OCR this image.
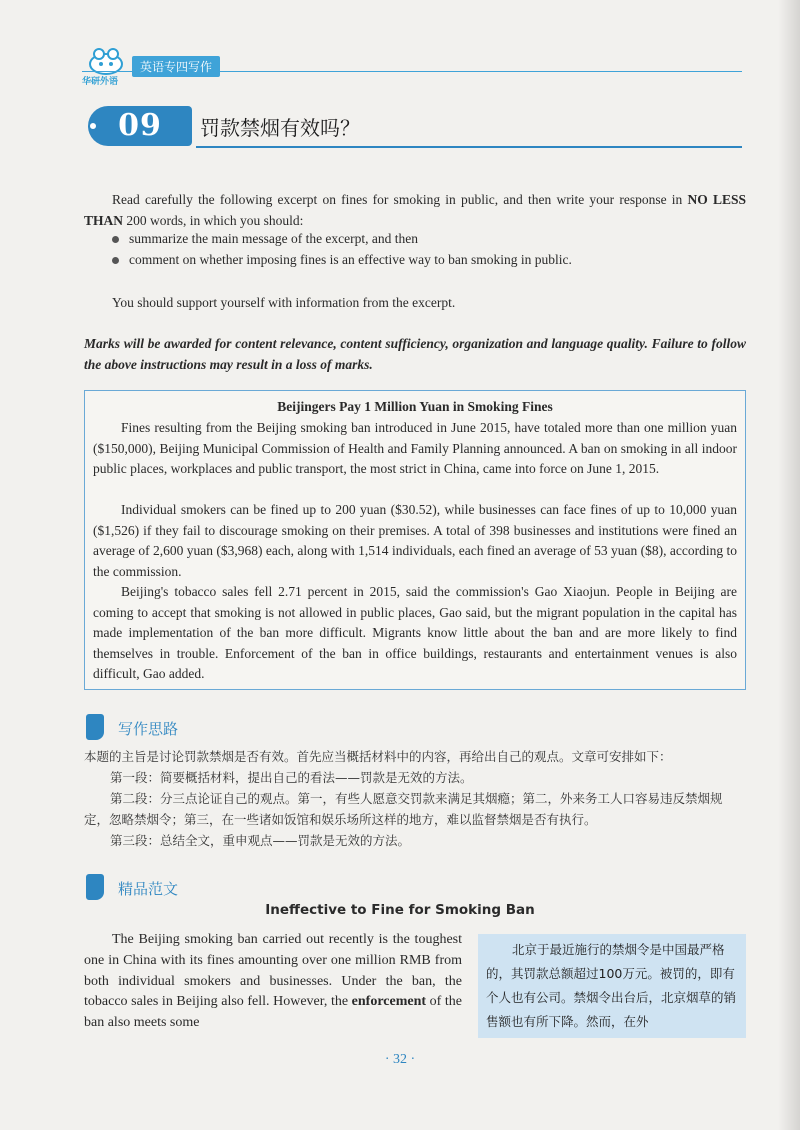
华研外语
英语专四写作
09	罚款禁烟有效吗？

Read carefully the following excerpt on fines for smoking in public, and then write your response in NO LESS THAN 200 words, in which you should:

summarize the main message of the excerpt, and then
comment on whether imposing fines is an effective way to ban smoking in public.
You should support yourself with information from the excerpt.
Marks will be awarded for content relevance, content sufficiency, organization and language quality. Failure to follow the above instructions may result in a loss of marks.
Beijingers Pay 1 Million Yuan in Smoking Fines

Fines resulting from the Beijing smoking ban introduced in June 2015, have totaled more than one million yuan ($150,000), Beijing Municipal Commission of Health and Family Planning announced. A ban on smoking in all indoor public places, workplaces and public transport, the most strict in China, came into force on June 1, 2015.

Individual smokers can be fined up to 200 yuan ($30.52), while businesses can face fines of up to 10,000 yuan ($1,526) if they fail to discourage smoking on their premises. A total of 398 businesses and institutions were fined an average of 2,600 yuan ($3,968) each, along with 1,514 individuals, each fined an average of 53 yuan ($8), according to the commission.

Beijing's tobacco sales fell 2.71 percent in 2015, said the commission's Gao Xiaojun. People in Beijing are coming to accept that smoking is not allowed in public places, Gao said, but the migrant population in the capital has made implementation of the ban more difficult. Migrants know little about the ban and are more likely to find themselves in trouble. Enforcement of the ban in office buildings, restaurants and entertainment venues is also difficult, Gao added.

写作思路

本题的主旨是讨论罚款禁烟是否有效。首先应当概括材料中的内容，再给出自己的观点。文章可安排如下：

第一段：简要概括材料，提出自己的看法——罚款是无效的方法。

第二段：分三点论证自己的观点。第一，有些人愿意交罚款来满足其烟瘾；第二，外来务工人口容易违反禁烟规定，忽略禁烟令；第三，在一些诸如饭馆和娱乐场所这样的地方，难以监督禁烟是否有执行。

第三段：总结全文，重申观点——罚款是无效的方法。

精品范文
Ineffective to Fine for Smoking Ban

The Beijing smoking ban carried out recently is the toughest one in China with its fines amounting over one million RMB from both individual smokers and businesses. Under the ban, the tobacco sales in Beijing also fell. However, the enforcement of the ban also meets some

北京于最近施行的禁烟令是中国最严格的，其罚款总额超过100万元。被罚的，即有个人也有公司。禁烟令出台后，北京烟草的销售额也有所下降。然而，在外
· 32 ·
